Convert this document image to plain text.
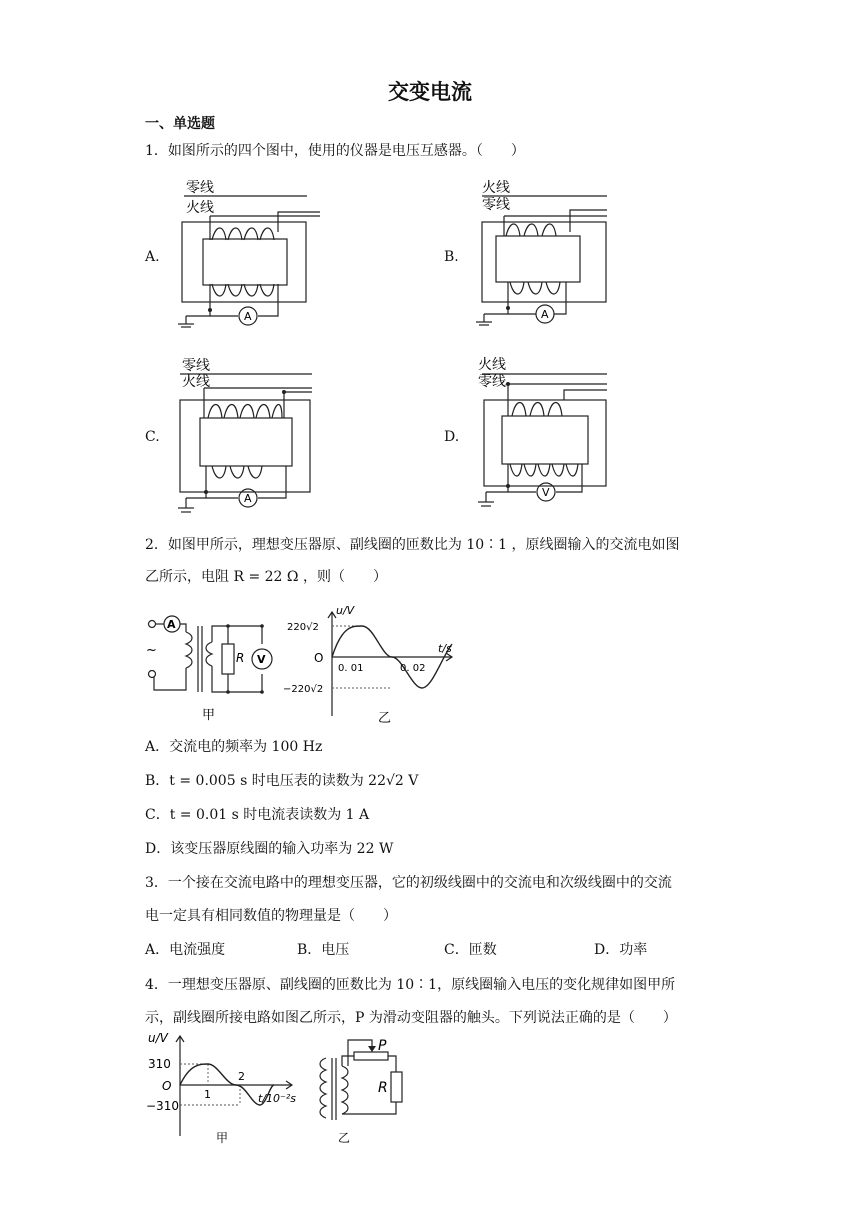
交变电流
一、单选题
1．如图所示的四个图中，使用的仪器是电压互感器。（　　）
A.	B.
C.	D.
A
零线
火线
A
火线
零线
A
零线
火线
V
火线
零线
2．如图甲所示，理想变压器原、副线圈的匝数比为 10∶1 ，原线圈输入的交流电如图
乙所示，电阻 R = 22 Ω ，则（　　）
A
V
R
~
甲	乙
u/V
t/s
220√2
−220√2
O
0. 01	0. 02
A．交流电的频率为 100 Hz
B．t = 0.005 s 时电压表的读数为 22√2 V
C．t = 0.01 s 时电流表读数为 1 A
D．该变压器原线圈的输入功率为 22 W
3．一个接在交流电路中的理想变压器，它的初级线圈中的交流电和次级线圈中的交流
电一定具有相同数值的物理量是（　　）
A．电流强度	B．电压	C．匝数	D．功率
4．一理想变压器原、副线圈的匝数比为 10∶1，原线圈输入电压的变化规律如图甲所
示，副线圈所接电路如图乙所示，P 为滑动变阻器的触头。下列说法正确的是（　　）
u/V
310
O
−310
1
2
t/10⁻²s
P
R
甲	乙
